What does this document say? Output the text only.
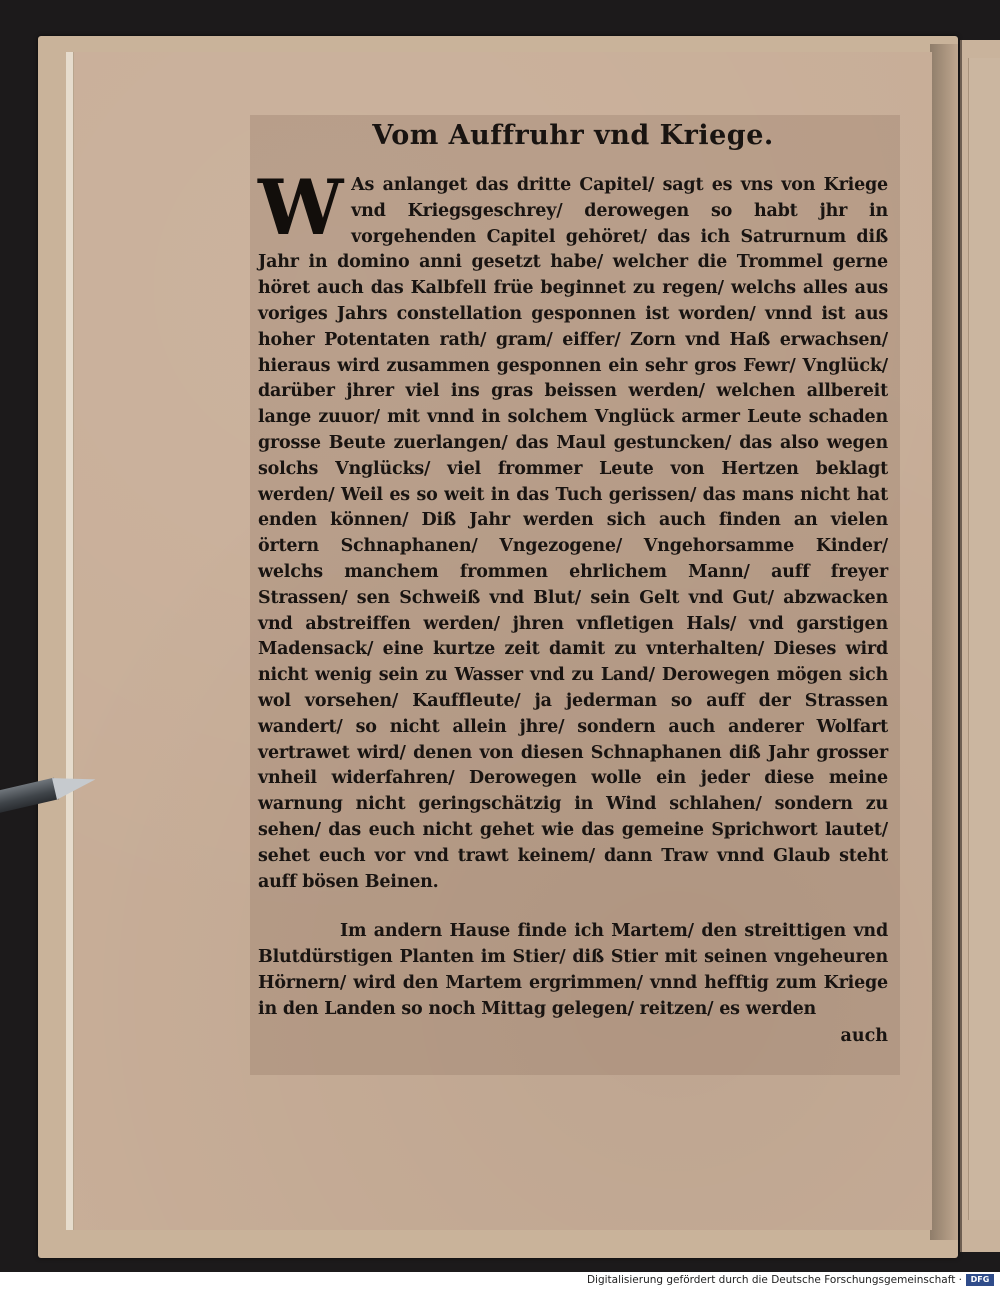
Vom Auffruhr vnd Kriege.

W As anlanget das dritte Capitel/ sagt es vns von Kriege vnd Kriegsgeschrey/ derowegen so habt jhr in vorgehenden Capitel gehöret/ das ich Satrurnum diß Jahr in domino anni gesetzt habe/ welcher die Trommel gerne höret auch das Kalbfell früe beginnet zu regen/ welchs alles aus voriges Jahrs constellation gesponnen ist worden/ vnnd ist aus hoher Potentaten rath/ gram/ eiffer/ Zorn vnd Haß erwachsen/ hieraus wird zusammen gesponnen ein sehr gros Fewr/ Vnglück/ darüber jhrer viel ins gras beissen werden/ welchen allbereit lange zuuor/ mit vnnd in solchem Vnglück armer Leute schaden grosse Beute zuerlangen/ das Maul gestuncken/ das also wegen solchs Vnglücks/ viel frommer Leute von Hertzen beklagt werden/ Weil es so weit in das Tuch gerissen/ das mans nicht hat enden können/ Diß Jahr werden sich auch finden an vielen örtern Schnaphanen/ Vngezogene/ Vngehorsamme Kinder/ welchs manchem frommen ehrlichem Mann/ auff freyer Strassen/ sen Schweiß vnd Blut/ sein Gelt vnd Gut/ abzwacken vnd abstreiffen werden/ jhren vnfletigen Hals/ vnd garstigen Madensack/ eine kurtze zeit damit zu vnterhalten/ Dieses wird nicht wenig sein zu Wasser vnd zu Land/ Derowegen mögen sich wol vorsehen/ Kauffleute/ ja jederman so auff der Strassen wandert/ so nicht allein jhre/ sondern auch anderer Wolfart vertrawet wird/ denen von diesen Schnaphanen diß Jahr grosser vnheil widerfahren/ Derowegen wolle ein jeder diese meine warnung nicht geringschätzig in Wind schlahen/ sondern zu sehen/ das euch nicht gehet wie das gemeine Sprichwort lautet/ sehet euch vor vnd trawt keinem/ dann Traw vnnd Glaub steht auff bösen Beinen.

Im andern Hause finde ich Martem/ den streittigen vnd Blutdürstigen Planten im Stier/ diß Stier mit seinen vngeheuren Hörnern/ wird den Martem ergrimmen/ vnnd hefftig zum Kriege in den Landen so noch Mittag gelegen/ reitzen/ es werden

auch

Digitalisierung gefördert durch die Deutsche Forschungsgemeinschaft ·	DFG
